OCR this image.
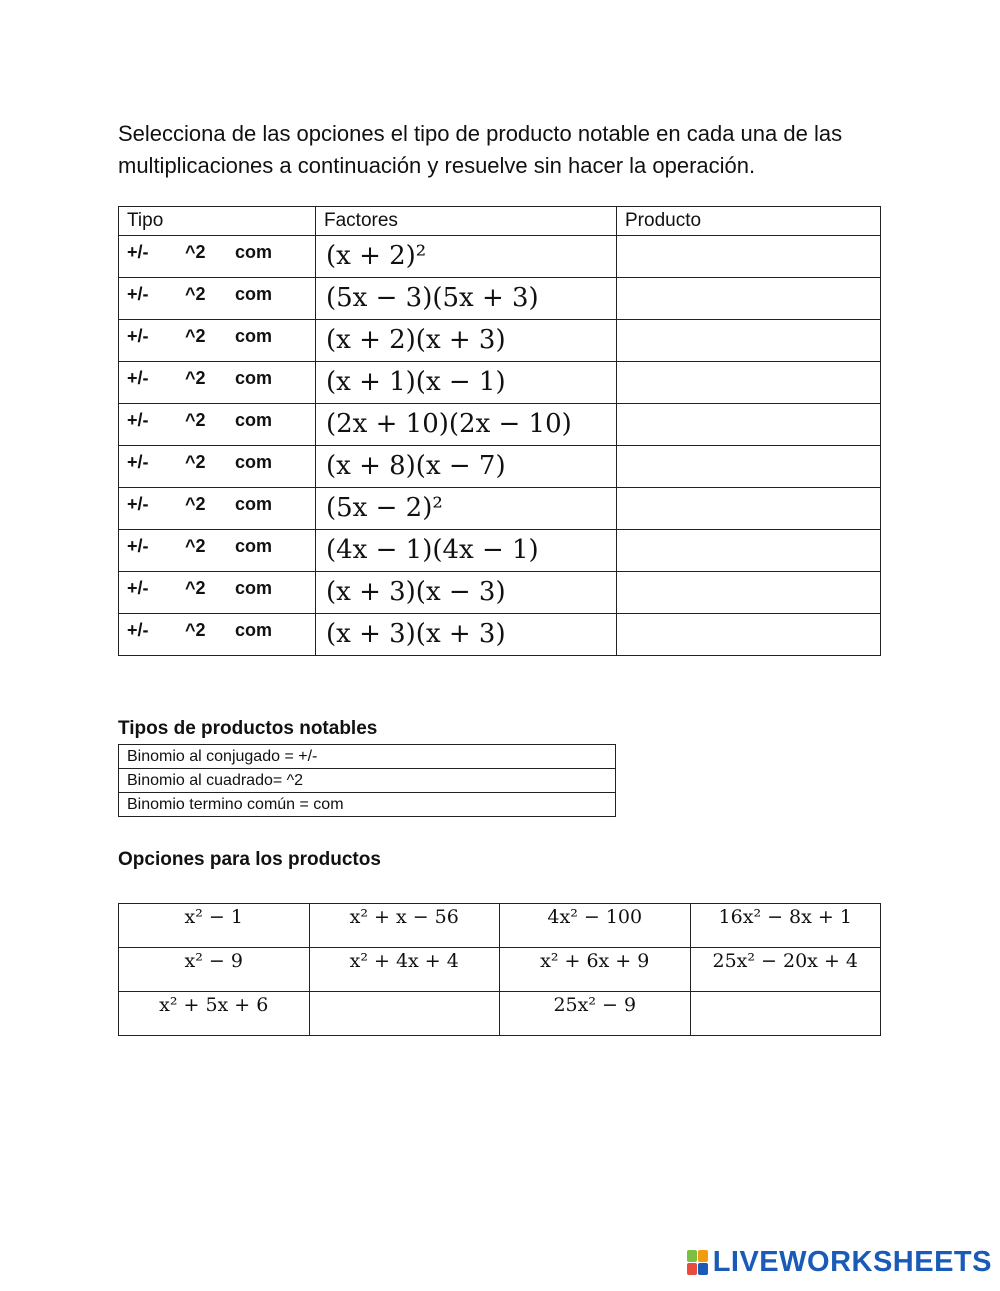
Selecciona de las opciones el tipo de producto notable en cada una de las multiplicaciones a continuación y resuelve sin hacer la operación.

Tipo	Factores	Producto
+/- ^2 com	(x + 2)²

+/- ^2 com	(5x − 3)(5x + 3)

+/- ^2 com	(x + 2)(x + 3)

+/- ^2 com	(x + 1)(x − 1)

+/- ^2 com	(2x + 10)(2x − 10)

+/- ^2 com	(x + 8)(x − 7)

+/- ^2 com	(5x − 2)²

+/- ^2 com	(4x − 1)(4x − 1)

+/- ^2 com	(x + 3)(x − 3)

+/- ^2 com	(x + 3)(x + 3)

Tipos de productos notables
Binomio al conjugado = +/-
Binomio al cuadrado= ^2
Binomio termino común = com
Opciones para los productos
x² − 1	x² + x − 56	4x² − 100	16x² − 8x + 1
x² − 9	x² + 4x + 4	x² + 6x + 9	25x² − 20x + 4
x² + 5x + 6		25x² − 9	
LIVEWORKSHEETS
